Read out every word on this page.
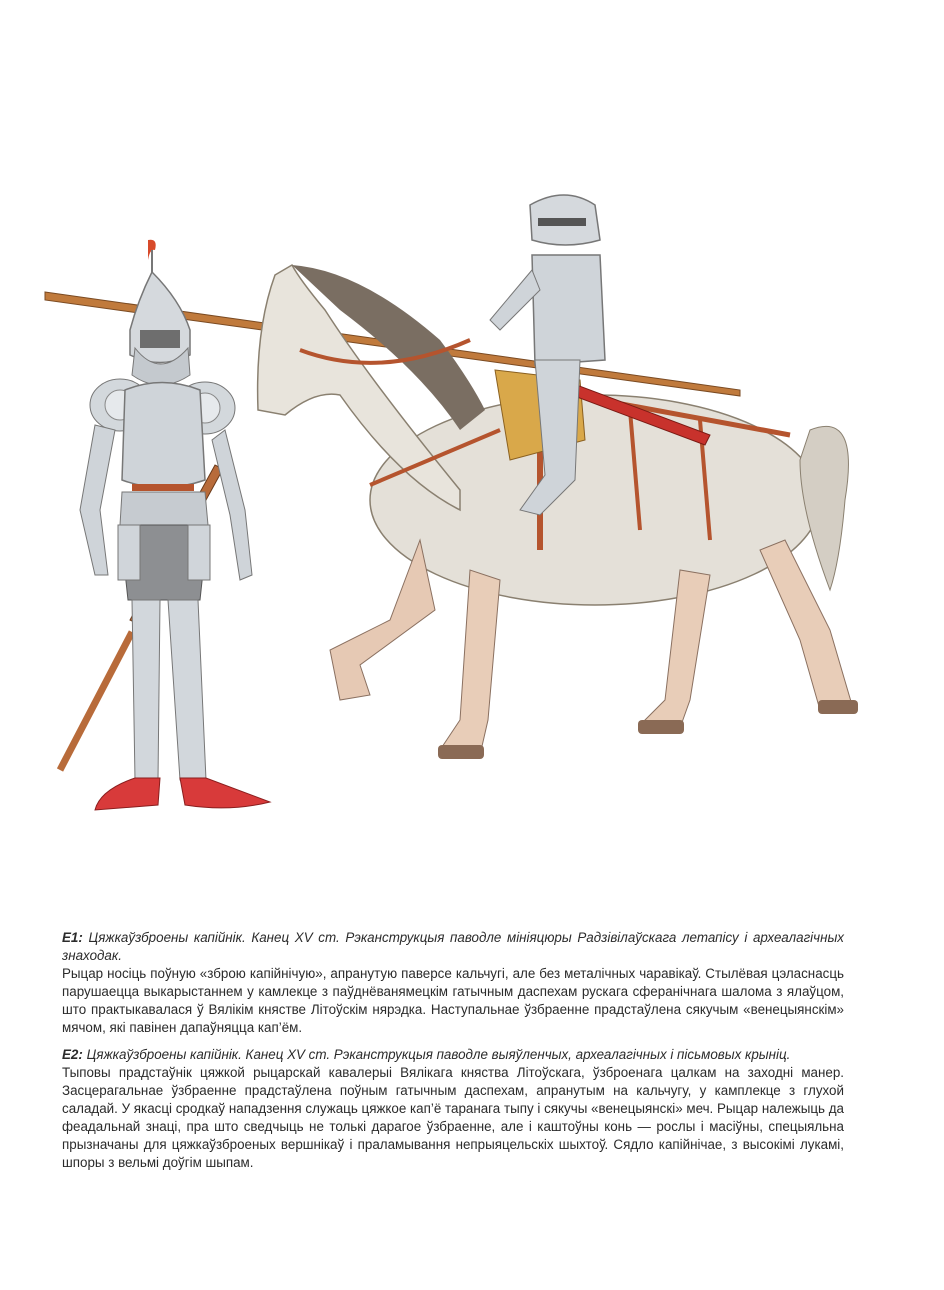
E1: Цяжкаўзброены капійнік. Канец XV ст. Рэканструкцыя паводле мініяцюры Радзівілаўскага летапісу і археалагічных знаходак.
Рыцар носіць поўную «зброю капійнічую», апранутую паверсе кальчугі, але без металічных чаравікаў. Стылёвая цэласнасць парушаецца выкарыстаннем у камлекце з паўднёванямецкім гатычным даспехам рускага сферанічнага шалома з ялаўцом, што практыкавалася ў Вялікім княстве Літоўскім нярэдка. Наступальнае ўзбраенне прадстаўлена сякучым «венецыянскім» мячом, які павінен дапаўняцца кап’ём.

E2: Цяжкаўзброены капійнік. Канец XV ст. Рэканструкцыя паводле выяўленчых, археалагічных і пісьмовых крыніц.
Тыповы прадстаўнік цяжкой рыцарскай кавалерыі Вялікага княства Літоўскага, ўзброенага цалкам на заходні манер. Засцерагальнае ўзбраенне прадстаўлена поўным гатычным даспехам, апранутым на кальчугу, у камплекце з глухой саладай. У якасці сродкаў нападзення служаць цяжкое кап’ё таранага тыпу і сякучы «венецыянскі» меч. Рыцар належыць да феадальнай знаці, пра што сведчыць не толькі дарагое ўзбраенне, але і каштоўны конь — рослы і масіўны, спецыяльна прызначаны для цяжкаўзброеных вершнікаў і праламывання непрыяцельскіх шыхтоў. Сядло капійнічае, з высокімі лукамі, шпоры з вельмі доўгім шыпам.
